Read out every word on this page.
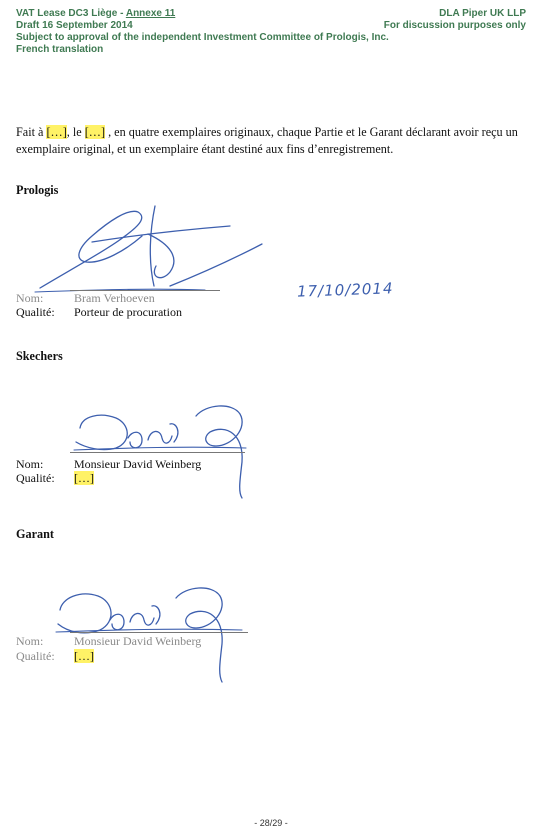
VAT Lease DC3 Liège - Annexe 11	DLA Piper UK LLP
Draft 16 September 2014	For discussion purposes only
Subject to approval of the independent Investment Committee of Prologis, Inc.
French translation
Fait à […], le […] , en quatre exemplaires originaux, chaque Partie et le Garant déclarant avoir reçu un exemplaire original, et un exemplaire étant destiné aux fins d’enregistrement.
Prologis
17/10/2014
Nom:	Bram Verhoeven
Qualité: Porteur de procuration
Skechers
Nom:	Monsieur David Weinberg
Qualité: […]
Garant
Nom:	Monsieur David Weinberg
Qualité: […]
- 28/29 -
